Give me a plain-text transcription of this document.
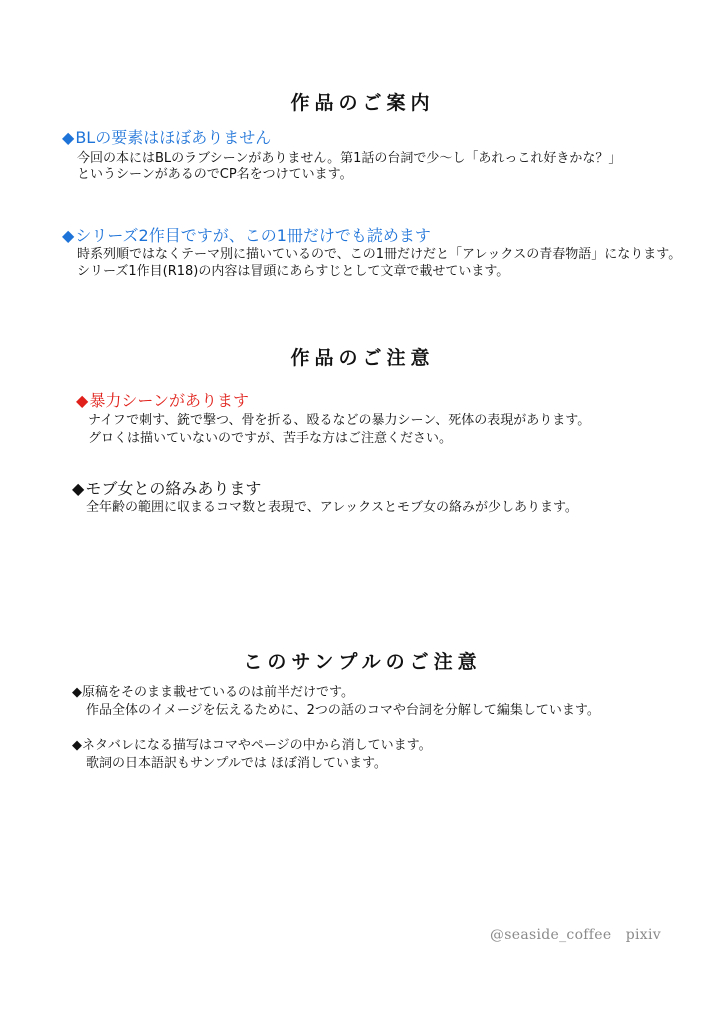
作品のご案内
◆BLの要素はほぼありません
今回の本にはBLのラブシーンがありません。第1話の台詞で少〜し「あれっこれ好きかな？」
というシーンがあるのでCP名をつけています。
◆シリーズ2作目ですが、この1冊だけでも読めます
時系列順ではなくテーマ別に描いているので、この1冊だけだと「アレックスの青春物語」になります。
シリーズ1作目(R18)の内容は冒頭にあらすじとして文章で載せています。
作品のご注意
◆暴力シーンがあります
ナイフで刺す、銃で撃つ、骨を折る、殴るなどの暴力シーン、死体の表現があります。
グロくは描いていないのですが、苦手な方はご注意ください。
◆モブ女との絡みあります
全年齢の範囲に収まるコマ数と表現で、アレックスとモブ女の絡みが少しあります。
このサンプルのご注意
◆原稿をそのまま載せているのは前半だけです。
作品全体のイメージを伝えるために、2つの話のコマや台詞を分解して編集しています。
◆ネタバレになる描写はコマやページの中から消しています。
歌詞の日本語訳もサンプルでは ほぼ消しています。
@seaside_coffee　pixiv
